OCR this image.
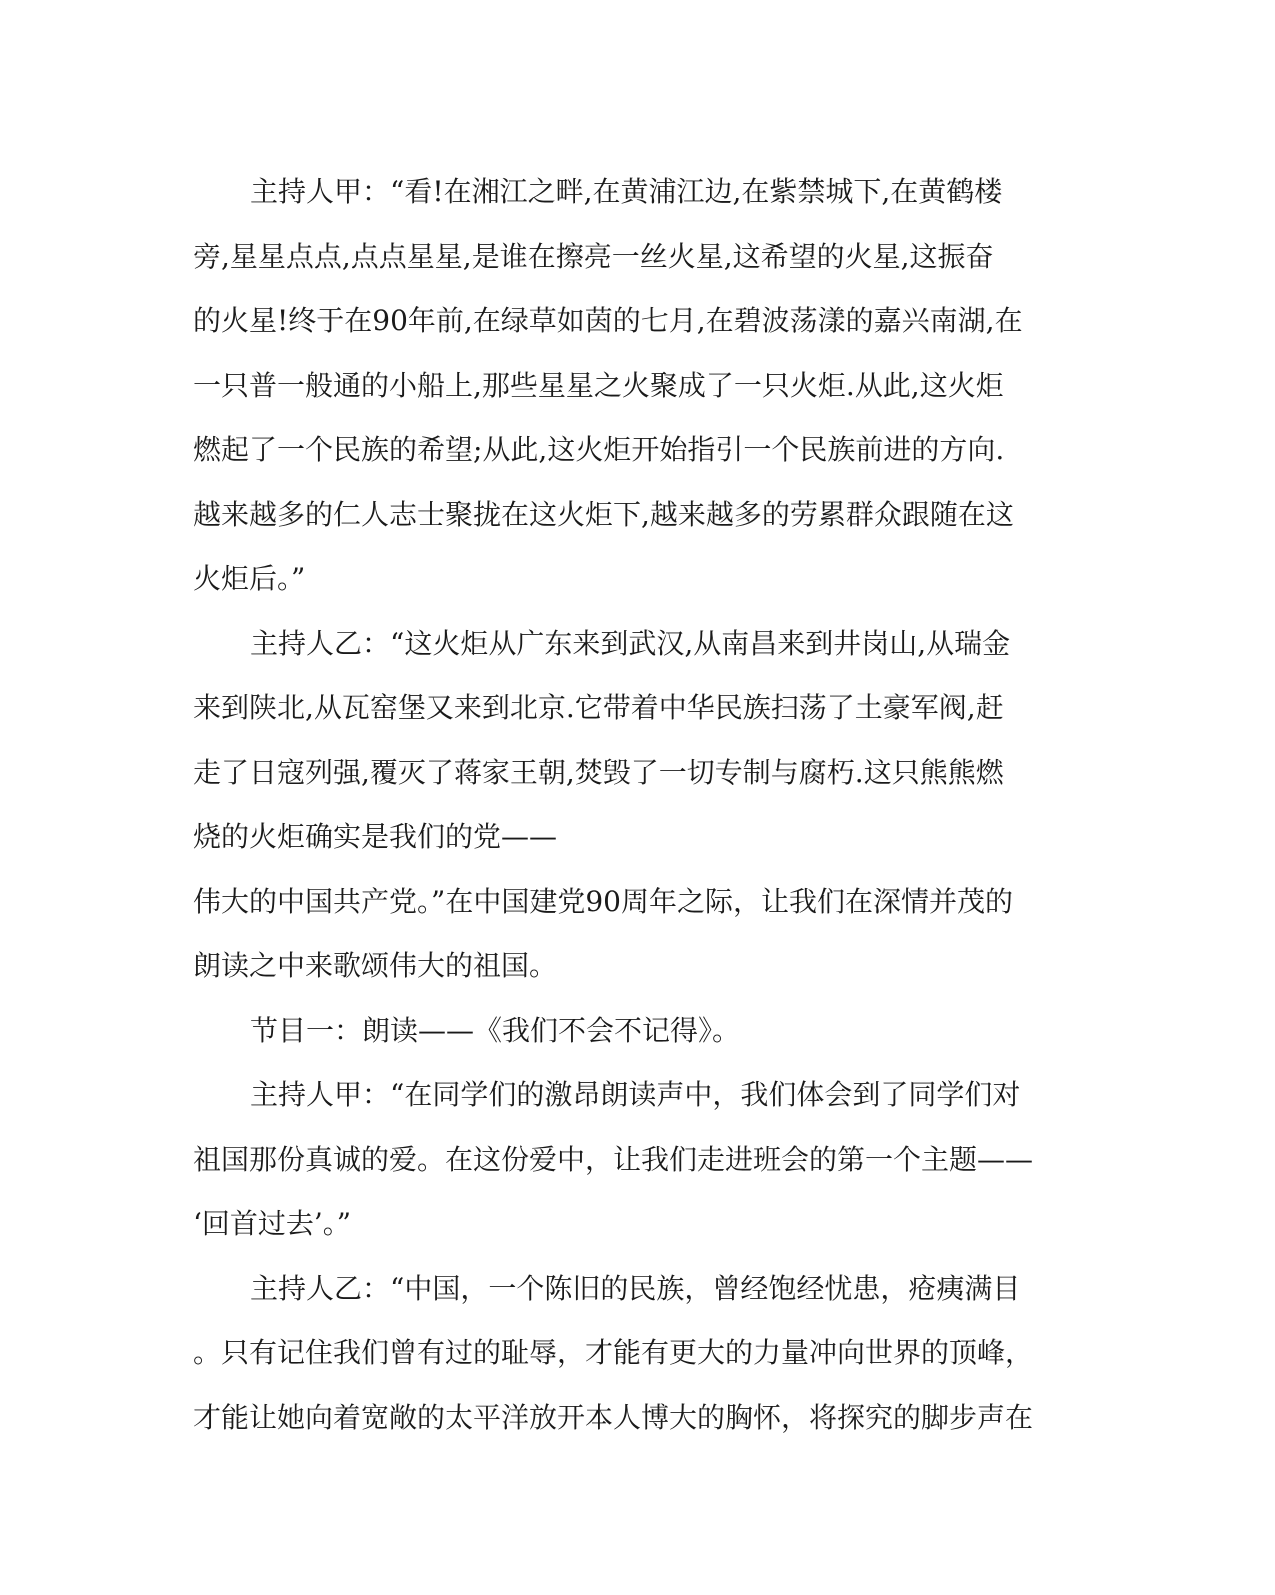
主持人甲：“看!在湘江之畔,在黄浦江边,在紫禁城下,在黄鹤楼
旁,星星点点,点点星星,是谁在擦亮一丝火星,这希望的火星,这振奋
的火星!终于在90年前,在绿草如茵的七月,在碧波荡漾的嘉兴南湖,在
一只普一般通的小船上,那些星星之火聚成了一只火炬.从此,这火炬
燃起了一个民族的希望;从此,这火炬开始指引一个民族前进的方向.
越来越多的仁人志士聚拢在这火炬下,越来越多的劳累群众跟随在这
火炬后。”
主持人乙：“这火炬从广东来到武汉,从南昌来到井岗山,从瑞金
来到陕北,从瓦窑堡又来到北京.它带着中华民族扫荡了土豪军阀,赶
走了日寇列强,覆灭了蒋家王朝,焚毁了一切专制与腐朽.这只熊熊燃
烧的火炬确实是我们的党——
伟大的中国共产党。”在中国建党90周年之际，让我们在深情并茂的
朗读之中来歌颂伟大的祖国。
节目一：朗读——《我们不会不记得》。
主持人甲：“在同学们的激昂朗读声中，我们体会到了同学们对
祖国那份真诚的爱。在这份爱中，让我们走进班会的第一个主题——
‘回首过去’。”
主持人乙：“中国，一个陈旧的民族，曾经饱经忧患，疮痍满目
。只有记住我们曾有过的耻辱，才能有更大的力量冲向世界的顶峰，
才能让她向着宽敞的太平洋放开本人博大的胸怀，将探究的脚步声在
